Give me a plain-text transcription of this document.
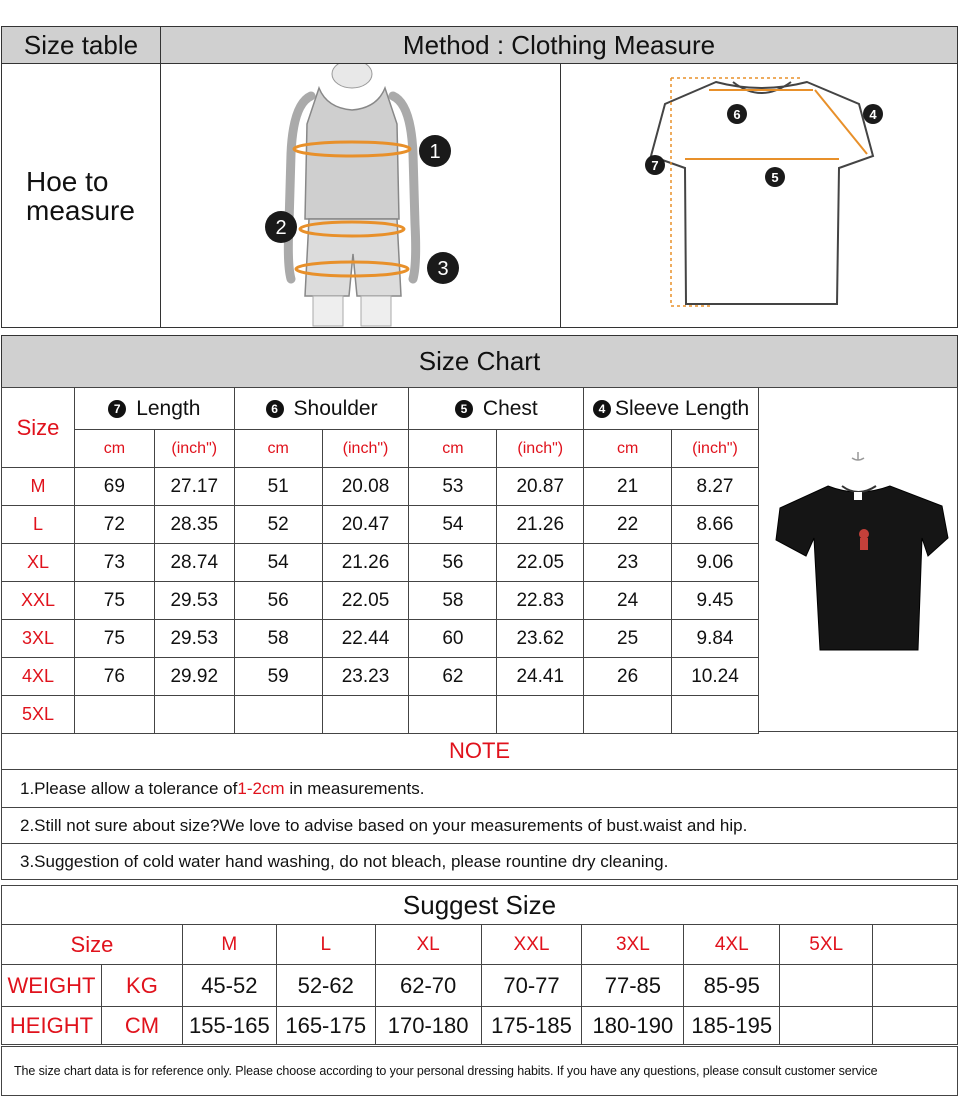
Size table	Method : Clothing Measure
Hoe to
measure
1
2
3
6	4
7
5
Size Chart
Size	7 Length		6 Shoulder		5 Chest		4 Sleeve Length	
	cm	(inchʺ)	cm	(inchʺ)	cm	(inchʺ)	cm	(inchʺ)
M	69	27.17	51	20.08	53	20.87	21	8.27
L	72	28.35	52	20.47	54	21.26	22	8.66
XL	73	28.74	54	21.26	56	22.05	23	9.06
XXL	75	29.53	56	22.05	58	22.83	24	9.45
3XL	75	29.53	58	22.44	60	23.62	25	9.84
4XL	76	29.92	59	23.23	62	24.41	26	10.24
5XL								
NOTE
1.Please allow a tolerance of 1-2cm in measurements.
2.Still not sure about size?We love to advise based on your measurements of bust.waist and hip.
3.Suggestion of cold water hand washing, do not bleach, please rountine dry cleaning.
Suggest Size
Size		M	L	XL	XXL	3XL	4XL	5XL	
WEIGHT	KG	45-52	52-62	62-70	70-77	77-85	85-95		
HEIGHT	CM	155-165	165-175	170-180	175-185	180-190	185-195		
The size chart data is for reference only. Please choose according to your personal dressing habits. If you have any questions, please consult customer service
